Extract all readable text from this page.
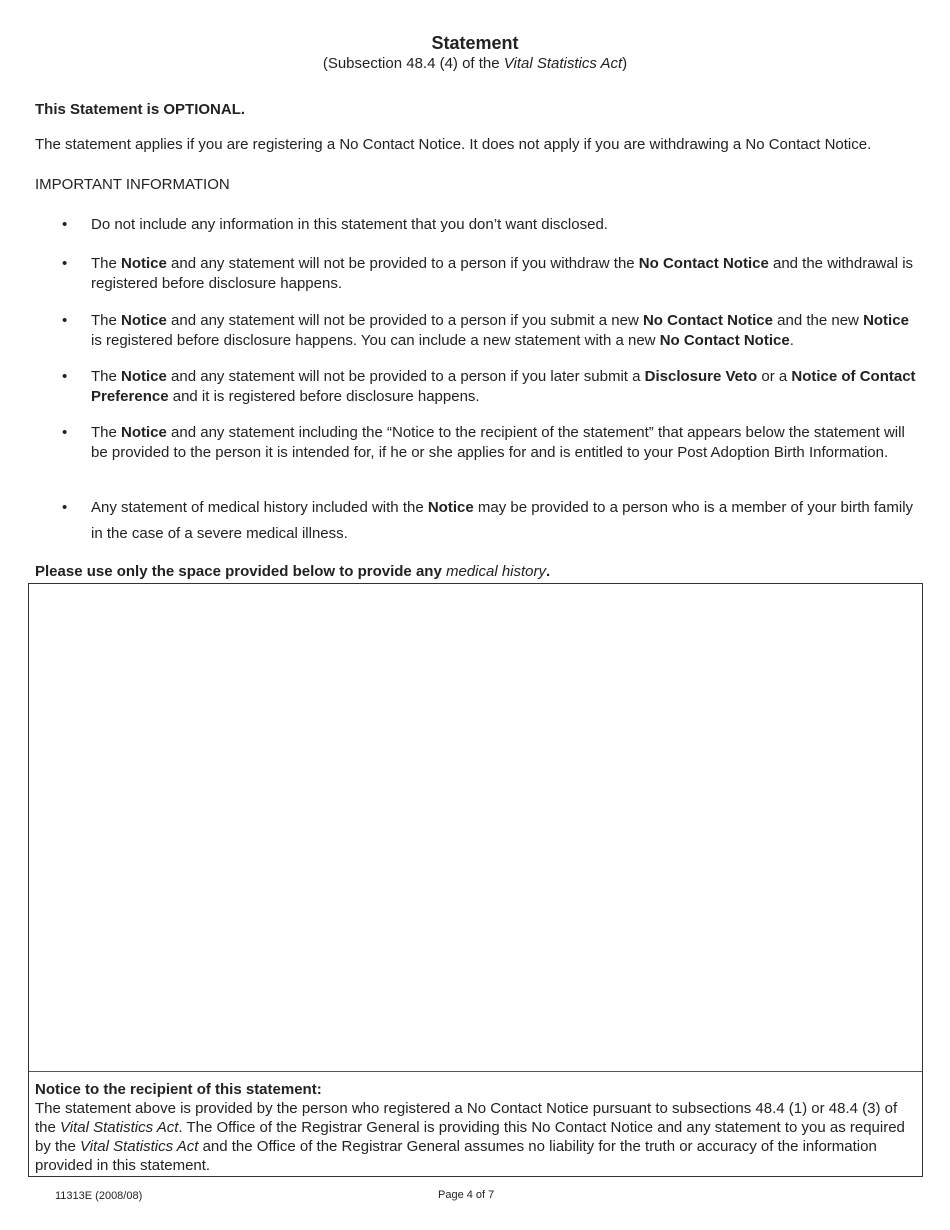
Statement
(Subsection 48.4 (4) of the Vital Statistics Act)
This Statement is OPTIONAL.
The statement applies if you are registering a No Contact Notice. It does not apply if you are withdrawing a No Contact Notice.
IMPORTANT INFORMATION
• Do not include any information in this statement that you don’t want disclosed.
• The Notice and any statement will not be provided to a person if you withdraw the No Contact Notice and the withdrawal is registered before disclosure happens.
• The Notice and any statement will not be provided to a person if you submit a new No Contact Notice and the new Notice is registered before disclosure happens. You can include a new statement with a new No Contact Notice.
• The Notice and any statement will not be provided to a person if you later submit a Disclosure Veto or a Notice of Contact Preference and it is registered before disclosure happens.
• The Notice and any statement including the “Notice to the recipient of the statement” that appears below the statement will be provided to the person it is intended for, if he or she applies for and is entitled to your Post Adoption Birth Information.
• Any statement of medical history included with the Notice may be provided to a person who is a member of your birth family in the case of a severe medical illness.
Please use only the space provided below to provide any medical history.
Notice to the recipient of this statement:
The statement above is provided by the person who registered a No Contact Notice pursuant to subsections 48.4 (1) or 48.4 (3) of the Vital Statistics Act. The Office of the Registrar General is providing this No Contact Notice and any statement to you as required by the Vital Statistics Act and the Office of the Registrar General assumes no liability for the truth or accuracy of the information provided in this statement.
11313E (2008/08)	Page 4 of 7
